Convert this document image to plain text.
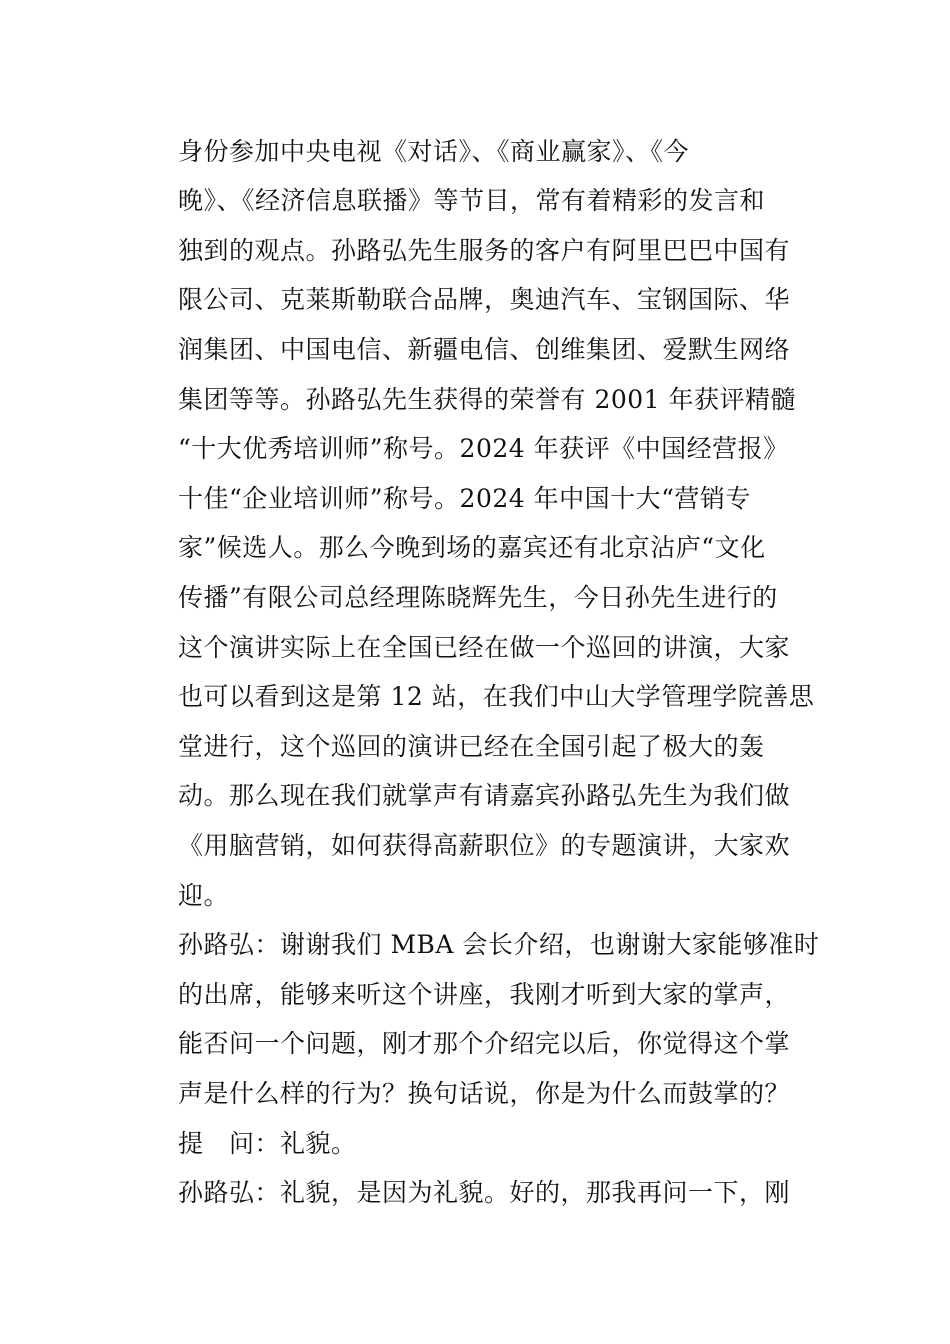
身份参加中央电视《对话》、《商业赢家》、《今
晚》、《经济信息联播》等节目，常有着精彩的发言和
独到的观点。孙路弘先生服务的客户有阿里巴巴中国有
限公司、克莱斯勒联合品牌，奥迪汽车、宝钢国际、华
润集团、中国电信、新疆电信、创维集团、爱默生网络
集团等等。孙路弘先生获得的荣誉有 2001 年获评精髓
“十大优秀培训师”称号。2024 年获评《中国经营报》
十佳“企业培训师”称号。2024 年中国十大“营销专
家”候选人。那么今晚到场的嘉宾还有北京沾庐“文化
传播”有限公司总经理陈晓辉先生，今日孙先生进行的
这个演讲实际上在全国已经在做一个巡回的讲演，大家
也可以看到这是第 12 站，在我们中山大学管理学院善思
堂进行，这个巡回的演讲已经在全国引起了极大的轰
动。那么现在我们就掌声有请嘉宾孙路弘先生为我们做
《用脑营销，如何获得高薪职位》的专题演讲，大家欢
迎。
孙路弘：谢谢我们 MBA 会长介绍，也谢谢大家能够准时
的出席，能够来听这个讲座，我刚才听到大家的掌声，
能否问一个问题，刚才那个介绍完以后，你觉得这个掌
声是什么样的行为？换句话说，你是为什么而鼓掌的？
提　问：礼貌。
孙路弘：礼貌，是因为礼貌。好的，那我再问一下，刚
